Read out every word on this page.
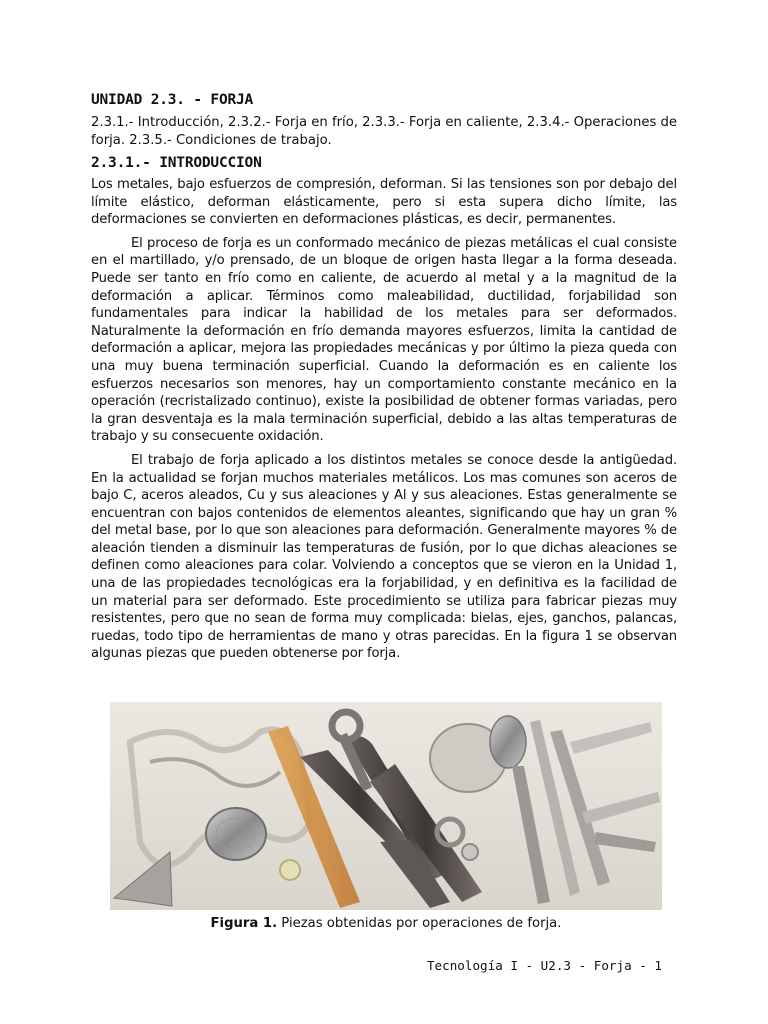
UNIDAD 2.3. - FORJA
2.3.1.- Introducción, 2.3.2.- Forja en frío, 2.3.3.- Forja en caliente, 2.3.4.- Operaciones de forja. 2.3.5.- Condiciones de trabajo.
2.3.1.- INTRODUCCION

Los metales, bajo esfuerzos de compresión, deforman. Si las tensiones son por debajo del límite elástico, deforman elásticamente, pero si esta supera dicho límite, las deformaciones se convierten en deformaciones plásticas, es decir, permanentes.

El proceso de forja es un conformado mecánico de piezas metálicas el cual consiste en el martillado, y/o prensado, de un bloque de origen hasta llegar a la forma deseada. Puede ser tanto en frío como en caliente, de acuerdo al metal y a la magnitud de la deformación a aplicar. Términos como maleabilidad, ductilidad, forjabilidad son fundamentales para indicar la habilidad de los metales para ser deformados. Naturalmente la deformación en frío demanda mayores esfuerzos, limita la cantidad de deformación a aplicar, mejora las propiedades mecánicas y por último la pieza queda con una muy buena terminación superficial. Cuando la deformación es en caliente los esfuerzos necesarios son menores, hay un comportamiento constante mecánico en la operación (recristalizado continuo), existe la posibilidad de obtener formas variadas, pero la gran desventaja es la mala terminación superficial, debido a las altas temperaturas de trabajo y su consecuente oxidación.

El trabajo de forja aplicado a los distintos metales se conoce desde la antigüedad. En la actualidad se forjan muchos materiales metálicos. Los mas comunes son aceros de bajo C, aceros aleados, Cu y sus aleaciones y Al y sus aleaciones. Estas generalmente se encuentran con bajos contenidos de elementos aleantes, significando que hay un gran % del metal base, por lo que son aleaciones para deformación. Generalmente mayores % de aleación tienden a disminuir las temperaturas de fusión, por lo que dichas aleaciones se definen como aleaciones para colar. Volviendo a conceptos que se vieron en la Unidad 1, una de las propiedades tecnológicas era la forjabilidad, y en definitiva es la facilidad de un material para ser deformado. Este procedimiento se utiliza para fabricar piezas muy resistentes, pero que no sean de forma muy complicada: bielas, ejes, ganchos, palancas, ruedas, todo tipo de herramientas de mano y otras parecidas. En la figura 1 se observan algunas piezas que pueden obtenerse por forja.

Figura 1. Piezas obtenidas por operaciones de forja.
Tecnología I - U2.3 - Forja - 1
